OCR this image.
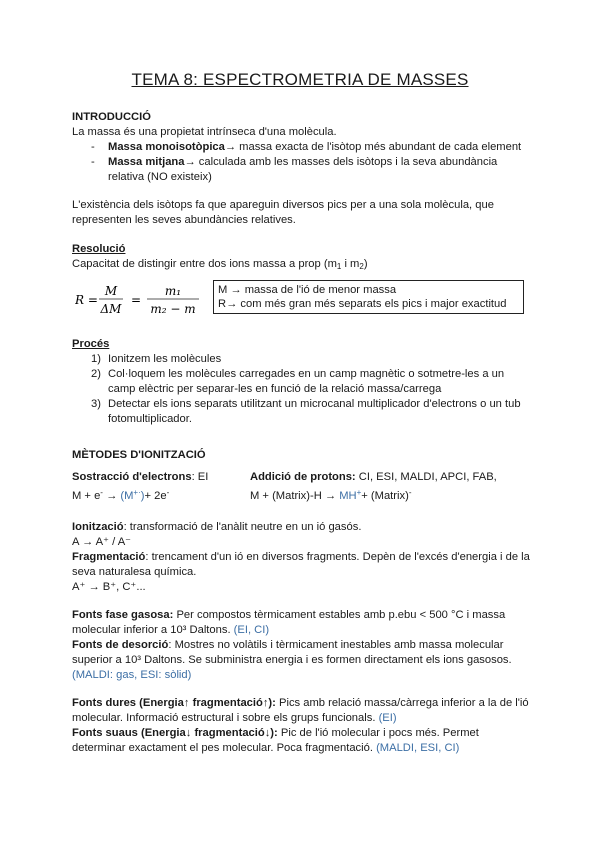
TEMA 8: ESPECTROMETRIA DE MASSES
INTRODUCCIÓ
La massa és una propietat intrínseca d'una molècula.
- Massa monoisotòpica→ massa exacta de l'isòtop més abundant de cada element
- Massa mitjana→ calculada amb les masses dels isòtops i la seva abundància
relativa (NO existeix)
L'existència dels isòtops fa que apareguin diversos pics per a una sola molècula, que
representen les seves abundàncies relatives.
Resolució
Capacitat de distingir entre dos ions massa a prop ($m_1$ i $m_2$)
R =
M
ΔM
=
m₁
m₂ − m
M → massa de l'ió de menor massa
R→ com més gran més separats els pics i major exactitud
Procés
1) Ionitzem les molècules
2) Col·loquem les molècules carregades en un camp magnètic o sotmetre-les a un
camp elèctric per separar-les en funció de la relació massa/carrega
3) Detectar els ions separats utilitzant un microcanal multiplicador d'electrons o un tub
fotomultiplicador.
MÈTODES D'IONITZACIÓ
Sostracció d'electrons: EI
M + e- → (M+·)+ 2e-
Addició de protons: CI, ESI, MALDI, APCI, FAB,
M + (Matrix)-H → MH++ (Matrix)-
Ionització: transformació de l'anàlit neutre en un ió gasós.
A → A⁺ / A⁻
Fragmentació: trencament d'un ió en diversos fragments. Depèn de l'excés d'energia i de la
seva naturalesa química.
A⁺ → B⁺, C⁺...
Fonts fase gasosa: Per compostos tèrmicament estables amb p.ebu < 500 °C i massa
molecular inferior a 10³ Daltons. (EI, CI)
Fonts de desorció: Mostres no volàtils i tèrmicament inestables amb massa molecular
superior a 10³ Daltons. Se subministra energia i es formen directament els ions gasosos.
(MALDI: gas, ESI: sòlid)
Fonts dures (Energia↑ fragmentació↑): Pics amb relació massa/càrrega inferior a la de l'ió
molecular. Informació estructural i sobre els grups funcionals. (EI)
Fonts suaus (Energia↓ fragmentació↓): Pic de l'ió molecular i pocs més. Permet
determinar exactament el pes molecular. Poca fragmentació. (MALDI, ESI, CI)
